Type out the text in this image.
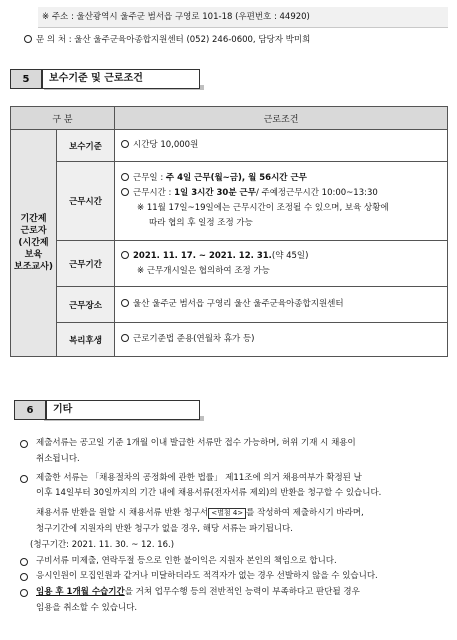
※ 주소 : 울산광역시 울주군 범서읍 구영로 101-18 (우편번호 : 44920)
문 의 처 : 울산 울주군육아종합지원센터 (052) 246-0600, 담당자 박미희
5	보수기준 및 근로조건
구 분		근로조건

기간제
근로자
(시간제
보육
보조교사)	보수기준	시간당 10,000원
	근무시간	근무일 : 주 4일 근무(월~금), 월 56시간 근무
근무시간 : 1일 3시간 30분 근무/ 주예정근무시간 10:00~13:30
※ 11월 17일~19일에는 근무시간이 조정될 수 있으며, 보육 상황에
따라 협의 후 일정 조정 가능

	근무기간	2021. 11. 17. ~ 2021. 12. 31.(약 45일)
※ 근무개시일은 협의하여 조정 가능

	근무장소	울산 울주군 범서읍 구영리 울산 울주군육아종합지원센터
	복리후생	근로기준법 준용(연월차 휴가 등)
6	기타
제출서류는 공고일 기준 1개월 이내 발급한 서류만 접수 가능하며, 허위 기재 시 채용이
취소됩니다.
제출한 서류는 「채용절차의 공정화에 관한 법률」 제11조에 의거 채용여부가 확정된 날
이후 14일부터 30일까지의 기간 내에 채용서류(전자서류 제외)의 반환을 청구할 수 있습니다.
채용서류 반환을 원할 시 채용서류 반환 청구서 <별첨 4> 를 작성하여 제출하시기 바라며,
청구기간에 지원자의 반환 청구가 없을 경우, 해당 서류는 파기됩니다.
(청구기간: 2021. 11. 30. ~ 12. 16.)
구비서류 미제출, 연락두절 등으로 인한 불이익은 지원자 본인의 책임으로 합니다.
응시인원이 모집인원과 같거나 미달하더라도 적격자가 없는 경우 선발하지 않을 수 있습니다.
임용 후 1개월 수습기간을 거쳐 업무수행 등의 전반적인 능력이 부족하다고 판단될 경우
임용을 취소할 수 있습니다.
